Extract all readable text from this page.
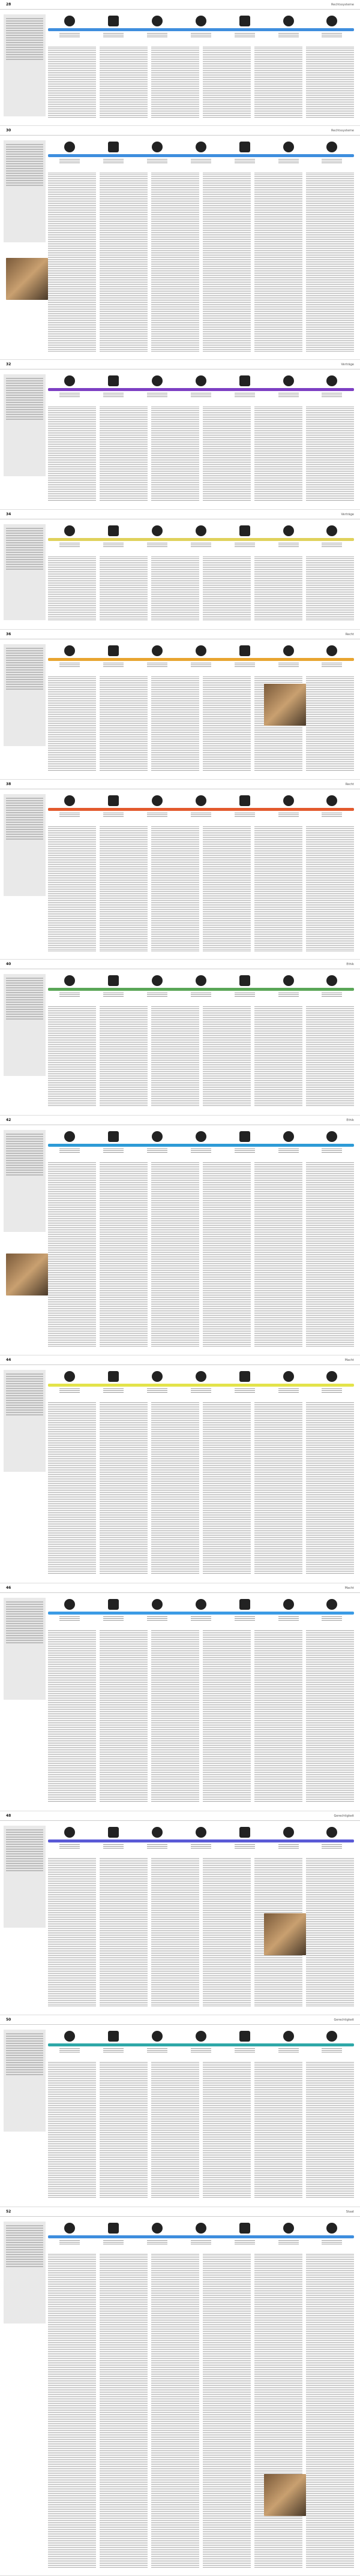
28	Rechtssysteme
30	Rechtssysteme
32	Verträge
34	Verträge
36	Recht
38	Recht
40	Ethik
42	Ethik
44	Macht
46	Macht
48	Gerechtigkeit
50	Gerechtigkeit
52	Staat
